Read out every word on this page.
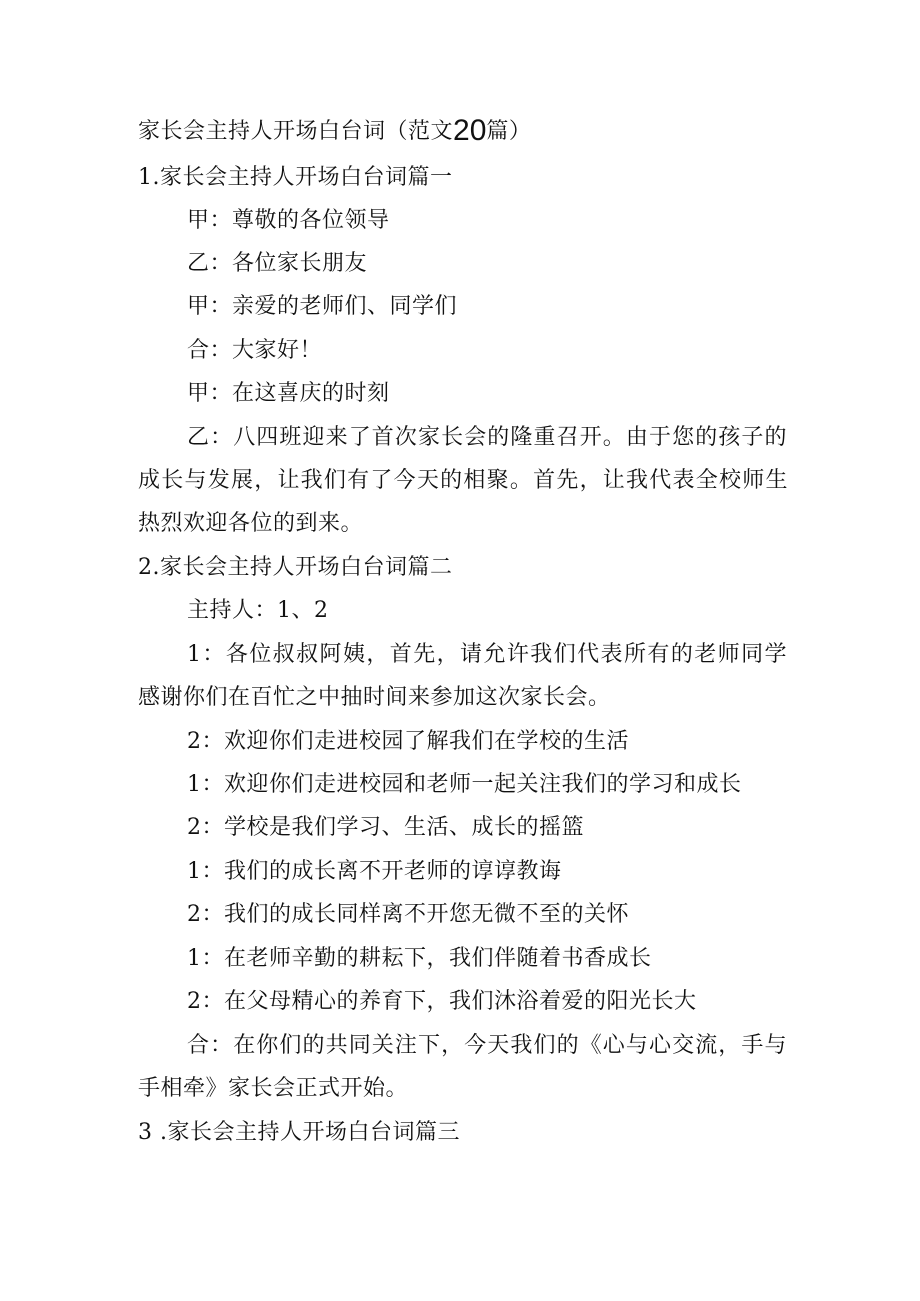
家长会主持人开场白台词（范文20篇）
1.家长会主持人开场白台词篇一
甲：尊敬的各位领导
乙：各位家长朋友
甲：亲爱的老师们、同学们
合：大家好！
甲：在这喜庆的时刻
乙：八四班迎来了首次家长会的隆重召开。由于您的孩子的
成长与发展，让我们有了今天的相聚。首先，让我代表全校师生
热烈欢迎各位的到来。
2.家长会主持人开场白台词篇二
主持人：1、2
1：各位叔叔阿姨，首先，请允许我们代表所有的老师同学
感谢你们在百忙之中抽时间来参加这次家长会。
2：欢迎你们走进校园了解我们在学校的生活
1：欢迎你们走进校园和老师一起关注我们的学习和成长
2：学校是我们学习、生活、成长的摇篮
1：我们的成长离不开老师的谆谆教诲
2：我们的成长同样离不开您无微不至的关怀
1：在老师辛勤的耕耘下，我们伴随着书香成长
2：在父母精心的养育下，我们沐浴着爱的阳光长大
合：在你们的共同关注下，今天我们的《心与心交流，手与
手相牵》家长会正式开始。
3 .家长会主持人开场白台词篇三
